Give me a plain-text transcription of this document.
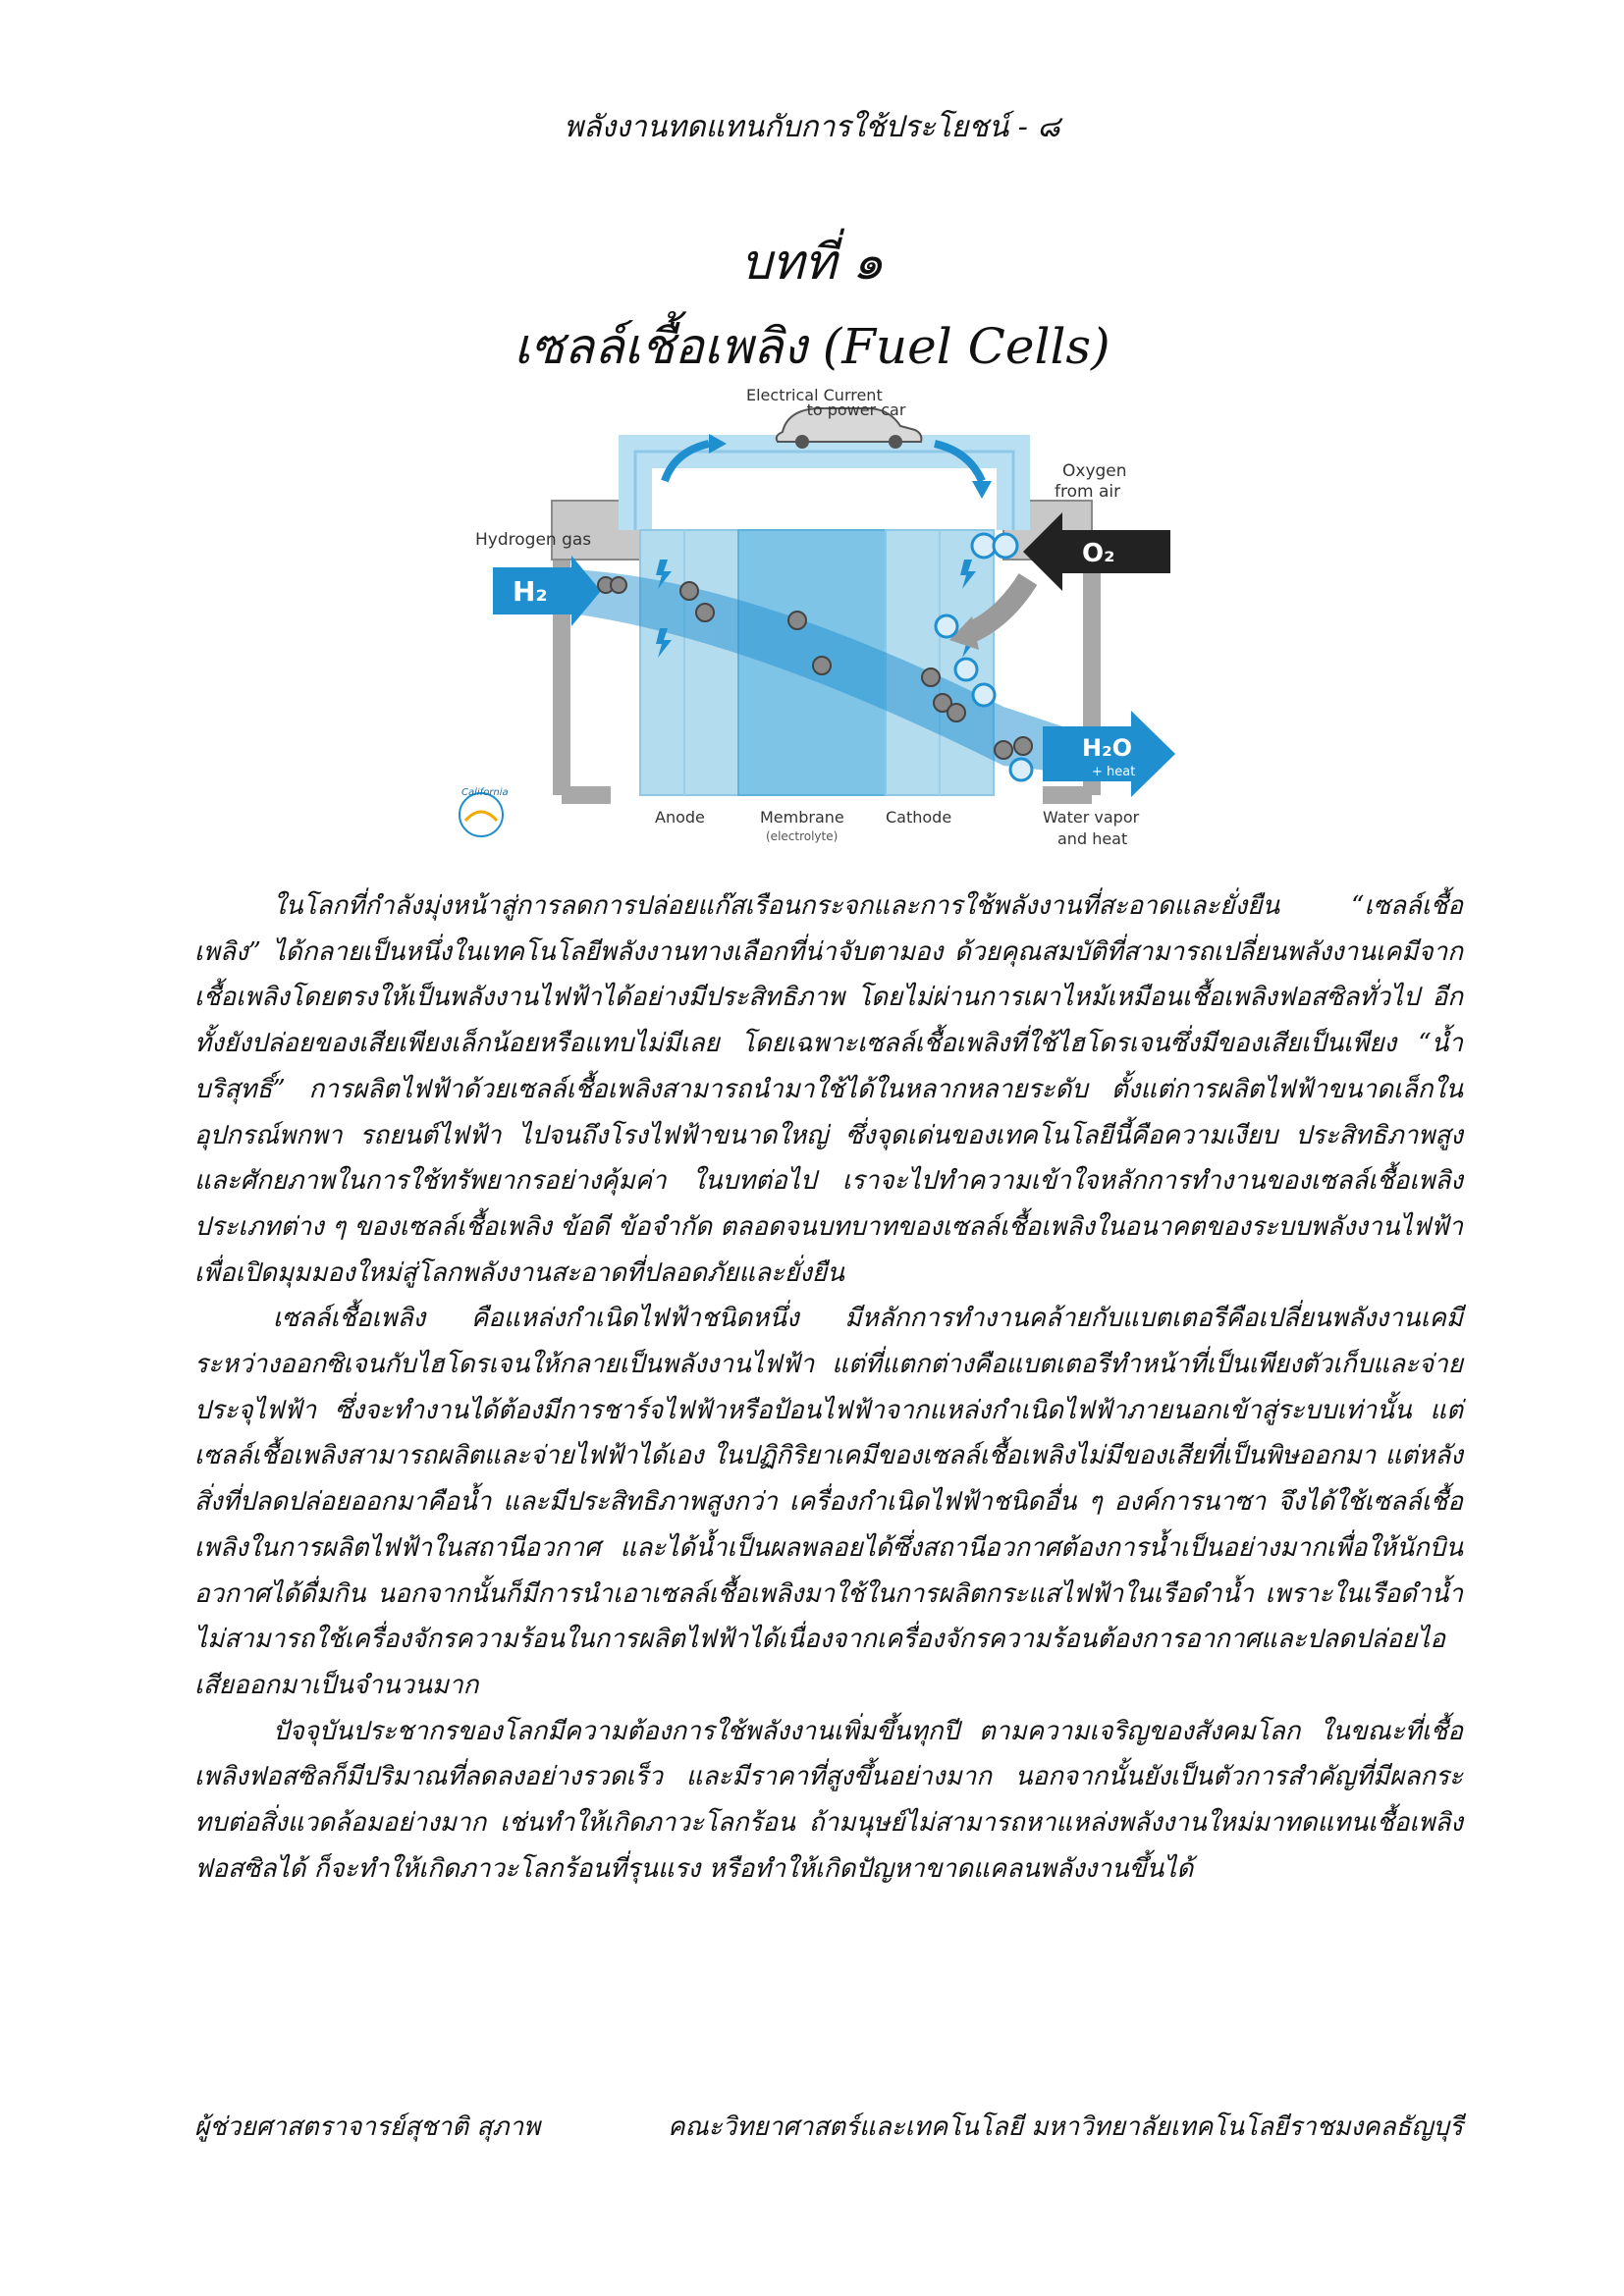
พลังงานทดแทนกับการใช้ประโยชน์ - ๘
บทที่ ๑
เซลล์เชื้อเพลิง (Fuel Cells)
H₂
Hydrogen gas	O₂
Oxygen
from air
H₂O
+ heat
Anode	Membrane
(electrolyte)
Cathode	Water vapor
and heat
Electrical Current
California
to power car

ในโลกที่กำลังมุ่งหน้าสู่การลดการปล่อยแก๊สเรือนกระจกและการใช้พลังงานที่สะอาดและยั่งยืน “เซลล์เชื้อเพลิง” ได้กลายเป็นหนึ่งในเทคโนโลยีพลังงานทางเลือกที่น่าจับตามอง ด้วยคุณสมบัติที่สามารถเปลี่ยนพลังงานเคมีจากเชื้อเพลิงโดยตรงให้เป็นพลังงานไฟฟ้าได้อย่างมีประสิทธิภาพ โดยไม่ผ่านการเผาไหม้เหมือนเชื้อเพลิงฟอสซิลทั่วไป อีกทั้งยังปล่อยของเสียเพียงเล็กน้อยหรือแทบไม่มีเลย โดยเฉพาะเซลล์เชื้อเพลิงที่ใช้ไฮโดรเจนซึ่งมีของเสียเป็นเพียง “น้ำบริสุทธิ์” การผลิตไฟฟ้าด้วยเซลล์เชื้อเพลิงสามารถนำมาใช้ได้ในหลากหลายระดับ ตั้งแต่การผลิตไฟฟ้าขนาดเล็กในอุปกรณ์พกพา รถยนต์ไฟฟ้า ไปจนถึงโรงไฟฟ้าขนาดใหญ่ ซึ่งจุดเด่นของเทคโนโลยีนี้คือความเงียบ ประสิทธิภาพสูง และศักยภาพในการใช้ทรัพยากรอย่างคุ้มค่า ในบทต่อไป เราจะไปทำความเข้าใจหลักการทำงานของเซลล์เชื้อเพลิง ประเภทต่าง ๆ ของเซลล์เชื้อเพลิง ข้อดี ข้อจำกัด ตลอดจนบทบาทของเซลล์เชื้อเพลิงในอนาคตของระบบพลังงานไฟฟ้า เพื่อเปิดมุมมองใหม่สู่โลกพลังงานสะอาดที่ปลอดภัยและยั่งยืน

เซลล์เชื้อเพลิง คือแหล่งกำเนิดไฟฟ้าชนิดหนึ่ง มีหลักการทำงานคล้ายกับแบตเตอรีคือเปลี่ยนพลังงานเคมีระหว่างออกซิเจนกับไฮโดรเจนให้กลายเป็นพลังงานไฟฟ้า แต่ที่แตกต่างคือแบตเตอรีทำหน้าที่เป็นเพียงตัวเก็บและจ่ายประจุไฟฟ้า ซึ่งจะทำงานได้ต้องมีการชาร์จไฟฟ้าหรือป้อนไฟฟ้าจากแหล่งกำเนิดไฟฟ้าภายนอกเข้าสู่ระบบเท่านั้น แต่เซลล์เชื้อเพลิงสามารถผลิตและจ่ายไฟฟ้าได้เอง ในปฏิกิริยาเคมีของเซลล์เชื้อเพลิงไม่มีของเสียที่เป็นพิษออกมา แต่หลังสิ่งที่ปลดปล่อยออกมาคือน้ำ และมีประสิทธิภาพสูงกว่า เครื่องกำเนิดไฟฟ้าชนิดอื่น ๆ องค์การนาซา จึงได้ใช้เซลล์เชื้อเพลิงในการผลิตไฟฟ้าในสถานีอวกาศ และได้น้ำเป็นผลพลอยได้ซึ่งสถานีอวกาศต้องการน้ำเป็นอย่างมากเพื่อให้นักบินอวกาศได้ดื่มกิน นอกจากนั้นก็มีการนำเอาเซลล์เชื้อเพลิงมาใช้ในการผลิตกระแสไฟฟ้าในเรือดำน้ำ เพราะในเรือดำน้ำไม่สามารถใช้เครื่องจักรความร้อนในการผลิตไฟฟ้าได้เนื่องจากเครื่องจักรความร้อนต้องการอากาศและปลดปล่อยไอเสียออกมาเป็นจำนวนมาก

ปัจจุบันประชากรของโลกมีความต้องการใช้พลังงานเพิ่มขึ้นทุกปี ตามความเจริญของสังคมโลก ในขณะที่เชื้อเพลิงฟอสซิลก็มีปริมาณที่ลดลงอย่างรวดเร็ว และมีราคาที่สูงขึ้นอย่างมาก นอกจากนั้นยังเป็นตัวการสำคัญที่มีผลกระทบต่อสิ่งแวดล้อมอย่างมาก เช่นทำให้เกิดภาวะโลกร้อน ถ้ามนุษย์ไม่สามารถหาแหล่งพลังงานใหม่มาทดแทนเชื้อเพลิงฟอสซิลได้ ก็จะทำให้เกิดภาวะโลกร้อนที่รุนแรง หรือทำให้เกิดปัญหาขาดแคลนพลังงานขึ้นได้

ผู้ช่วยศาสตราจารย์สุชาติ สุภาพ	คณะวิทยาศาสตร์และเทคโนโลยี มหาวิทยาลัยเทคโนโลยีราชมงคลธัญบุรี
